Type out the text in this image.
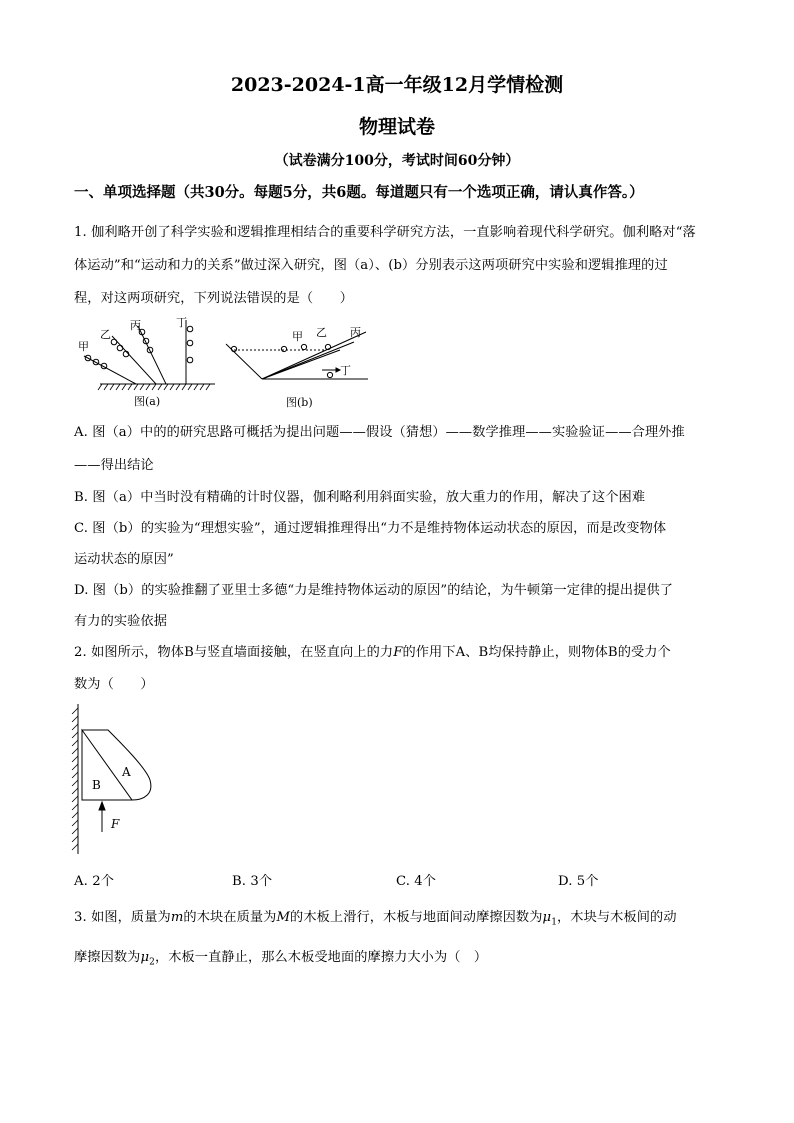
2023-2024-1高一年级12月学情检测
物理试卷
（试卷满分100分，考试时间60分钟）
一、单项选择题（共30分。每题5分，共6题。每道题只有一个选项正确，请认真作答。）
1. 伽利略开创了科学实验和逻辑推理相结合的重要科学研究方法，一直影响着现代科学研究。伽利略对“落
体运动”和“运动和力的关系”做过深入研究，图（a）、(b）分别表示这两项研究中实验和逻辑推理的过
程，对这两项研究，下列说法错误的是（　　）
甲
乙
丙	丁
图(a)
甲 乙 丙
丁
图(b)
A. 图（a）中的的研究思路可概括为提出问题——假设（猜想）——数学推理——实验验证——合理外推
——得出结论
B. 图（a）中当时没有精确的计时仪器，伽利略利用斜面实验，放大重力的作用，解决了这个困难
C. 图（b）的实验为“理想实验”，通过逻辑推理得出“力不是维持物体运动状态的原因，而是改变物体
运动状态的原因”
D. 图（b）的实验推翻了亚里士多德“力是维持物体运动的原因”的结论，为牛顿第一定律的提出提供了
有力的实验依据
2. 如图所示，物体B与竖直墙面接触，在竖直向上的力F的作用下A、B均保持静止，则物体B的受力个
数为（　　）
A
B
F
A. 2个	B. 3个	C. 4个	D. 5个
3. 如图，质量为m的木块在质量为M的木板上滑行，木板与地面间动摩擦因数为$\mu_1$，木块与木板间的动
摩擦因数为$\mu_2$，木板一直静止，那么木板受地面的摩擦力大小为（　）
